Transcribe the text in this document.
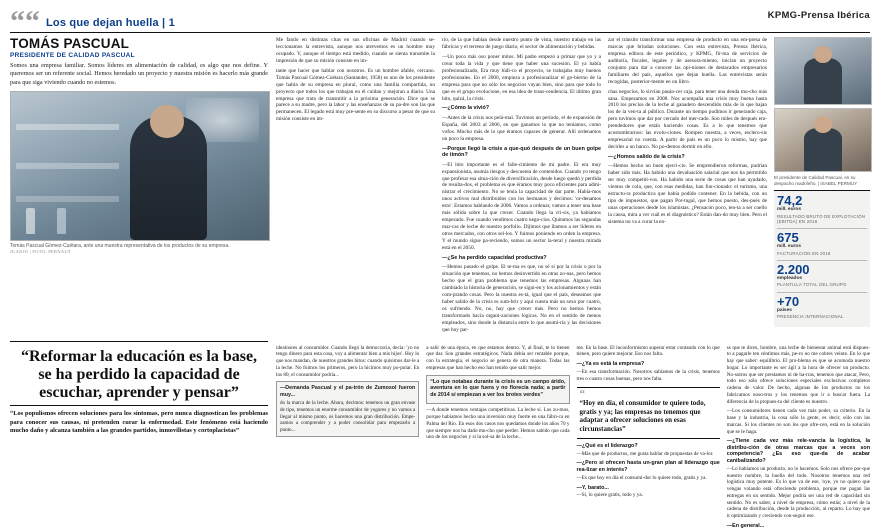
““ Los que dejan huella | 1
KPMG-Prensa Ibérica
TOMÁS PASCUAL
PRESIDENTE DE CALIDAD PASCUAL
Somos una empresa familiar. Somos líderes en alimentación de calidad, es algo que nos define. Y queremos ser un referente social. Hemos heredado un proyecto y nuestra misión es hacerlo más grande para que siga viviendo cuando no estemos.
Tomás Pascual Gómez-Cuétara, ante una muestra representativa de los productos de su empresa.
JUANJO | FOTO: PERNAUT

Me fando en distintas citas en sus oficinas de Madrid cuando se-leccionamos la entrevista, aunque nos atrevemos es un hombre muy ocupado. Y, aunque el tiempo está medido, cuando se sienta transmite la impresión de que su misión consiste en im-

tante que hacer que hablar con nosotros. Es un hombre afable, cercano. Tomás Pascual Gómez-Cuétara (Santander, 1958) es uno de los presidente que habla de su empresa en plural, como una familia compartida, un proyecto que todos los que trabajan en él cuidan y mejoran a diario. Una empresa que trata de transmitir a la próxima generación. Dice que se parece a su madre, pero la labor y las enseñanzas de su pa-dre son las que permanecen. El legado está muy pre-sente en su discurso a pesar de que su misión consiste en im-

rio, de la que hablan desde nuestro punto de vista, nuestro trabajo en las fábricas y el terreno de juego diario, el sector de alimentación y bebidas.

—Un poco más oso poner mitos. Mi padre empezó a primar que yo y a crear toda la vida y que tiene que haber una sucesión. El ya había profesionalizado, Era muy lúdi-co el proyecto, se trabajaba muy buenos profesionales. En el 2000, empieza a profesionalizar el go-bierno de la empresa para que no sólo los negocios vayan bien, sino para que todo lo que es el grupo evolucione, en esa idea de trans-cendencia. El último gran hito, quizá, la crisis.

—¿Cómo la vivió?

—Antes de la crisis nos pelá-mal. Tuvimos un período, el de expansión de España, del 2003 al 2006, en que ganamos lo que no teníamos, como vofos. Mucho más de lo que éramos capaces de generar. Allí ordenamos un poco la empresa.

—Porque llegó la crisis a que-quó después de un buen golpe de timón?

—El hito importante es el falle-cimiento de mi padre. El era muy expansionista, asumía riesgos y descuenta de contenidos. Cuando yo tengo que profesar esa situa-ción de diversificación, desde luego quedó y perdida de resulta-dos, el problema es que éramos muy poco eficientes para admi-nistrar el crecimiento. No se tenía la capacidad de dar parte. Había-mos unos activos mal distribuidos con los hermanos y decimos: 'or-denamos esto'. Estamos hablando de 2006. Vamos a ordenar, vamos a tener una base más sólida sobre la que crecer. Cuando llega la cri-sis, ya habíamos empezado. Fue cuando vendimos cuatro nego-cios. Quitamos las segundas mar-cas de leche de nuestro porfolio. Dijimos que íbamos a ser líderes en otros mercados, con otros sel-los. Y fuimos poniendo en orden la empresa. Y el mundo sigue pa-reciendo, somos un sector la-teral y nuestra mirada está en el 2050.

—¿Se ha perdido capacidad productiva?

—Hemos pasado el golpe. El te-ma es que, no sé si por la crisis o por la situación que tenemos, no hemos desinvertido en otras zo-nas, pero hemos hecho que el gran problema que tenemos las empresas. Algunas han cambiado la historia de generación, se sigui-en y los acionamientos y están com-prando cosas. Pero la nuestra es-tá, igual que el país, deseamos que haber salido de la crisis es sum-brir y aquí cuesta más un sexo por cuatro, os sufriendo. No, no, hay que crecer más. Pero no hemos hemos transformado hacia organi-zaciones lógicas. No en el sentido de menos empleados, sino donde la distancia entre lo que asumi-ría y las decisiones que hoy par-

zar el tránsito transformar una empresa de producto en una em-presa de marcas que brindan soluciones. Con esta entrevista, Prensa Ibérica, empresa editora de este periódico, y KPMG, fir-ma de servicios de auditoría, fiscales, legales y de asesora-miento, inician un proyecto conjunto para dar a conocer las opi-niones de destacados empresarios familiares del país, aquellos que dejan huella. Las entrevistas serán recogidas, posterior-mente en un libro.

chas negocios, lo sirvían pasán-cer caja, para tener una deuda mu-cho más sana. Empezamos en 2008. Nos acompaña una crisis muy buena hasta 2010 los precios de la leche al ganadero descendido más de lo que bajan los de la ven-ta al público. Durante un tiempo pudimos ir generando caja, pero tuvimos que dar por cerrado del mer-cado. Son miles de después em-prendedores que están haciendo cosas. Es a lo que tenemos que acostumbrarnos: las evolu-ciones. Rompen nuestra, a veces, esclero-sis empresarial no cuenta. A partir de país es un poco lo mismo, hay que decirles a un banco. No po-demos dormir en ello.

—¿Homos salido de la crisis?

—Hemos hecho un buen ejerci-cio. Se emprendieron reformas, pudrían haber sido más. Ha habido una devaluación salarial que nos ha permitido ser muy competiti-vos. Ha habido una serie de cosas que han ayudado, vientos de cola, que, con esas medidas, han fun-cionado: el turismo, una estructu-ra productiva que había podido contener. En la bebida, con un tipo de impuestos, que pagan Por-tugal, que hemos puesto, des-pués de unas operaciones desde los islamistas. ¿Pensacón poco, ten-ta a ser cuello la causa, mira a ver cuál es el diagnóstico? Están dan-do muy bien. Pero el sistema no va a curar la en-

El presidente de Calidad Pascual, en su despacho madrileño. | ISABEL PERMUY
74,2
mill. euros
RESULTADO BRUTO DE EXPLOTACIÓN (EBITDA) EN 2018
675
mill. euros
FACTURACIÓN EN 2018
2.200
empleados
PLANTILLA TOTAL DEL GRUPO
+70
países
PRESENCIA INTERNACIONAL
“Reformar la educación es la base, se ha perdido la capacidad de escuchar, aprender y pensar”
“Los populismos ofrecen soluciones para los síntomas, pero nunca diagnostican los problemas para conocer sus causas, ni pretenden curar la enfermedad. Este fenómeno está haciendo mucho daño y alcanza también a las grandes partidos, inmovilistas y cortoplacistas”

idealoores al consumidor. Cuando llegó la democracia, decía: 'yo no tengo dinero para esta cosa, voy a alimentar bien a mis hijos'. Hoy lo que nos mandan, de nuestros grandes hitos: cuando quisimos dar-le a la leche. No fuimos los primeros, pero la hicimos muy po-pular. En los 80, el consumidor podría...

—Demanda Pascual y el pa-trón de Zumosol fueron muy...
do la marca de la leche. Ahora, decimos: tenemos un gran envase de tipo, tenemos un enorme consumidor de yogures y no vamos a llegar al mismo punto, os hacemos una gran distribución. Empe-zamos a comprender y a poder consolidar para empezarlo a punto...

a salir de una época, en que estamos dentro. Y, al final, te lo tienen que dar. Son grandes estratégicos. Nada debía ser rentable porque, con la estrategia, el negocio se genera de otra manera. Todas las empresas que han hecho eso han tenido que salir mejor.

“Lo que notabas durante la crisis es un campo árido, aventura en lo que fuera y no florecía nada; a partir de 2014 sí empiezan a ver los brotes verdes”

—A donde tenemos ventajas competitivas. La leche sí. Los zu-mos, porque habíamos hecho una inversión muy fuerte en una fábri-ca en Palma del Río. En esos dos casos nos quedamos donde los años 70 y que siempre nos ha dado mu-cho que perder. Hemos sabido que cada uno de los negocios y si la sol-sa de la leche...

me. En la base. El inconformismo superar estar contando con lo que tienen, pero quiere mejorar. Eso nos falta.

—¿Ya es está la empresa?

—En esa transformación. Nosotros sabíamos de la crisis, tenemos tres o cuatro cosas buenas, pero nos falta.

“
“Hoy en día, el consumidor te quiere todo, gratis y ya; las empresas no tenemos que adaptar a ofrecer soluciones en esas circunstancias”
—¿Qué es el liderazgo?

—Más que de productos, me gusta hablar de propuestas de va-lor.

—¿Pero si ofrecen hasta un-gran plan al liderazgo que rea-lizar en interés?

—Es que hoy en día el consumi-dor lo quiere todo, gratis y ya.

—Y, barato...

—Sí, lo quiere gratis, todo y ya.

ss que te dices, hombre, una leche de bienestar animal está dispues-to a pagarle ten céntimos más, pe-ro no me cobres veinte. En lo que hay que saber: equilibrio. El pro-blema es que se acomoda nuestro hogar. Lo importante es ser ágil a la hora de ofrecer un producto. No-sotros que ser prestamos ni de ba-rras, tenemos que atacar, Pero, todo eso sólo ofrece soluciones especiales exclusivas completos cadena de valor. De hecho, algunas de los productos no los fabricamos noso-tros y los tenemos que ir a buscar fuera. La diferencia de la propues-ta del cliente es nuestro.

—Los consumidores tienen cada vez más poder, su criterio. En la base y la industria, la cosa sólo la gente, es decir, sólo con las marcas. Si los clientes no son los que ofre-cen, está en la solución que se le haga.

—¿Tiene cada vez más rele-vancia la logística, la distribu-ción de otras marcas que a veces son competencia? ¿Es eso que-da de acabar canibalizando?

—Lo habíamos un producto, no lo hacemos. Solo nos ofrece por-que nuestro nombre, la huella del todo. Nosotros tenemos una red logística muy potente. Es lo que va de ese, 'oye, yo no quiero que vengas volando está ofreciendo problema, porque me pagan las entregas en un sentido. Mejor podría ser una red de capacidad sin sentido. No es saber, a nivel de empresa, cómo estás; a nivel de la cadena de distribución, desde la producción, al reparto. Lo hay que ir optimizando y creciendo con-seguir ese.

—En general...
